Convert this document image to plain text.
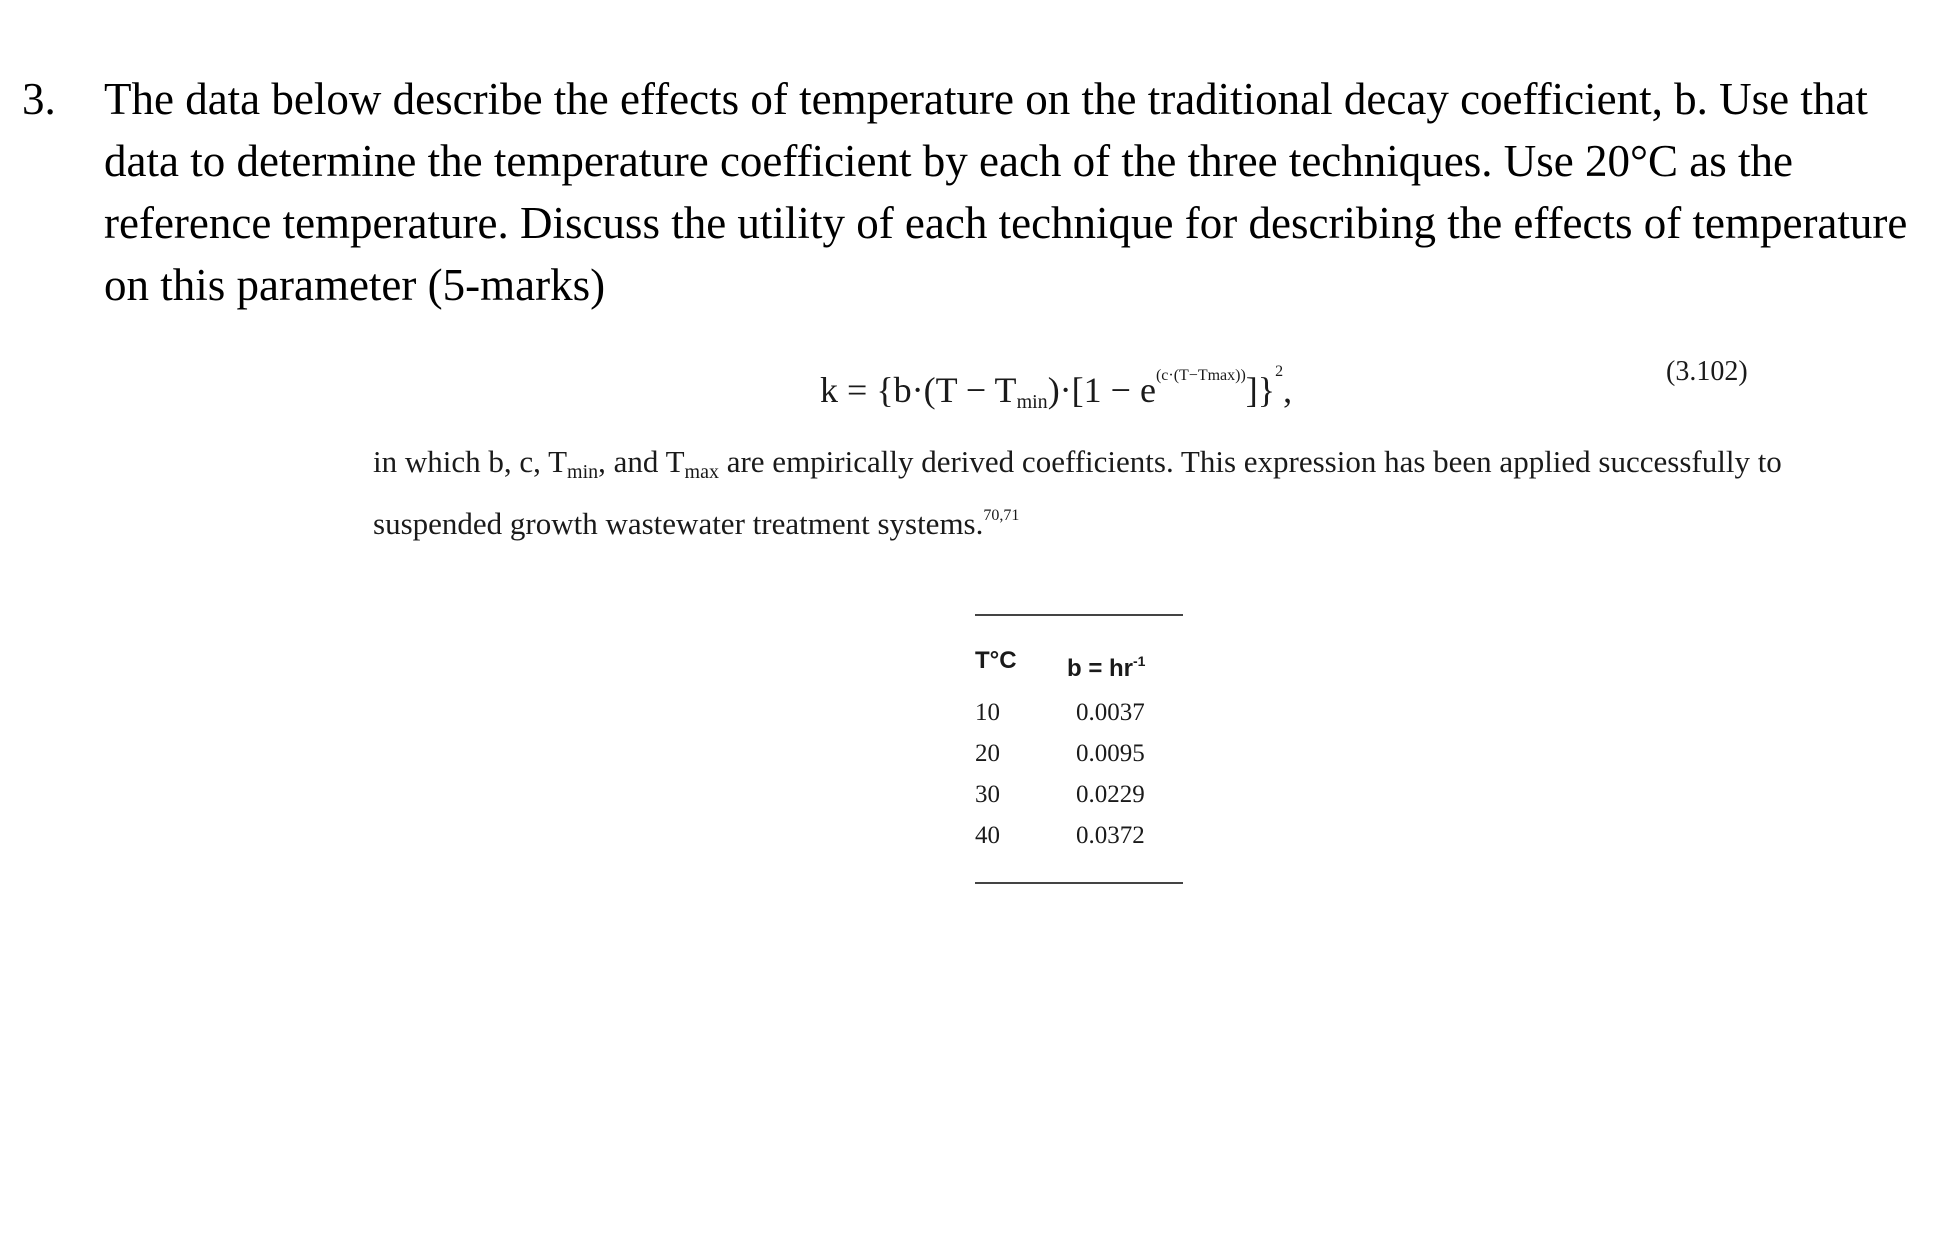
3. The data below describe the effects of temperature on the traditional decay coefficient, b. Use that data to determine the temperature coefficient by each of the three techniques. Use 20°C as the reference temperature. Discuss the utility of each technique for describing the effects of temperature on this parameter (5-marks)
$k = \{b\cdot(T - T_{min})\cdot[1 - e^{(c\cdot(T-Tmax))}]\}^2$,	(3.102)
in which b, c, $T_{min}$, and $T_{max}$ are empirically derived coefficients. This expression has been applied successfully to suspended growth wastewater treatment systems.$^{70,71}$
T°C $b = hr^{-1}$
10	0.0037
20	0.0095
30	0.0229
40	0.0372
